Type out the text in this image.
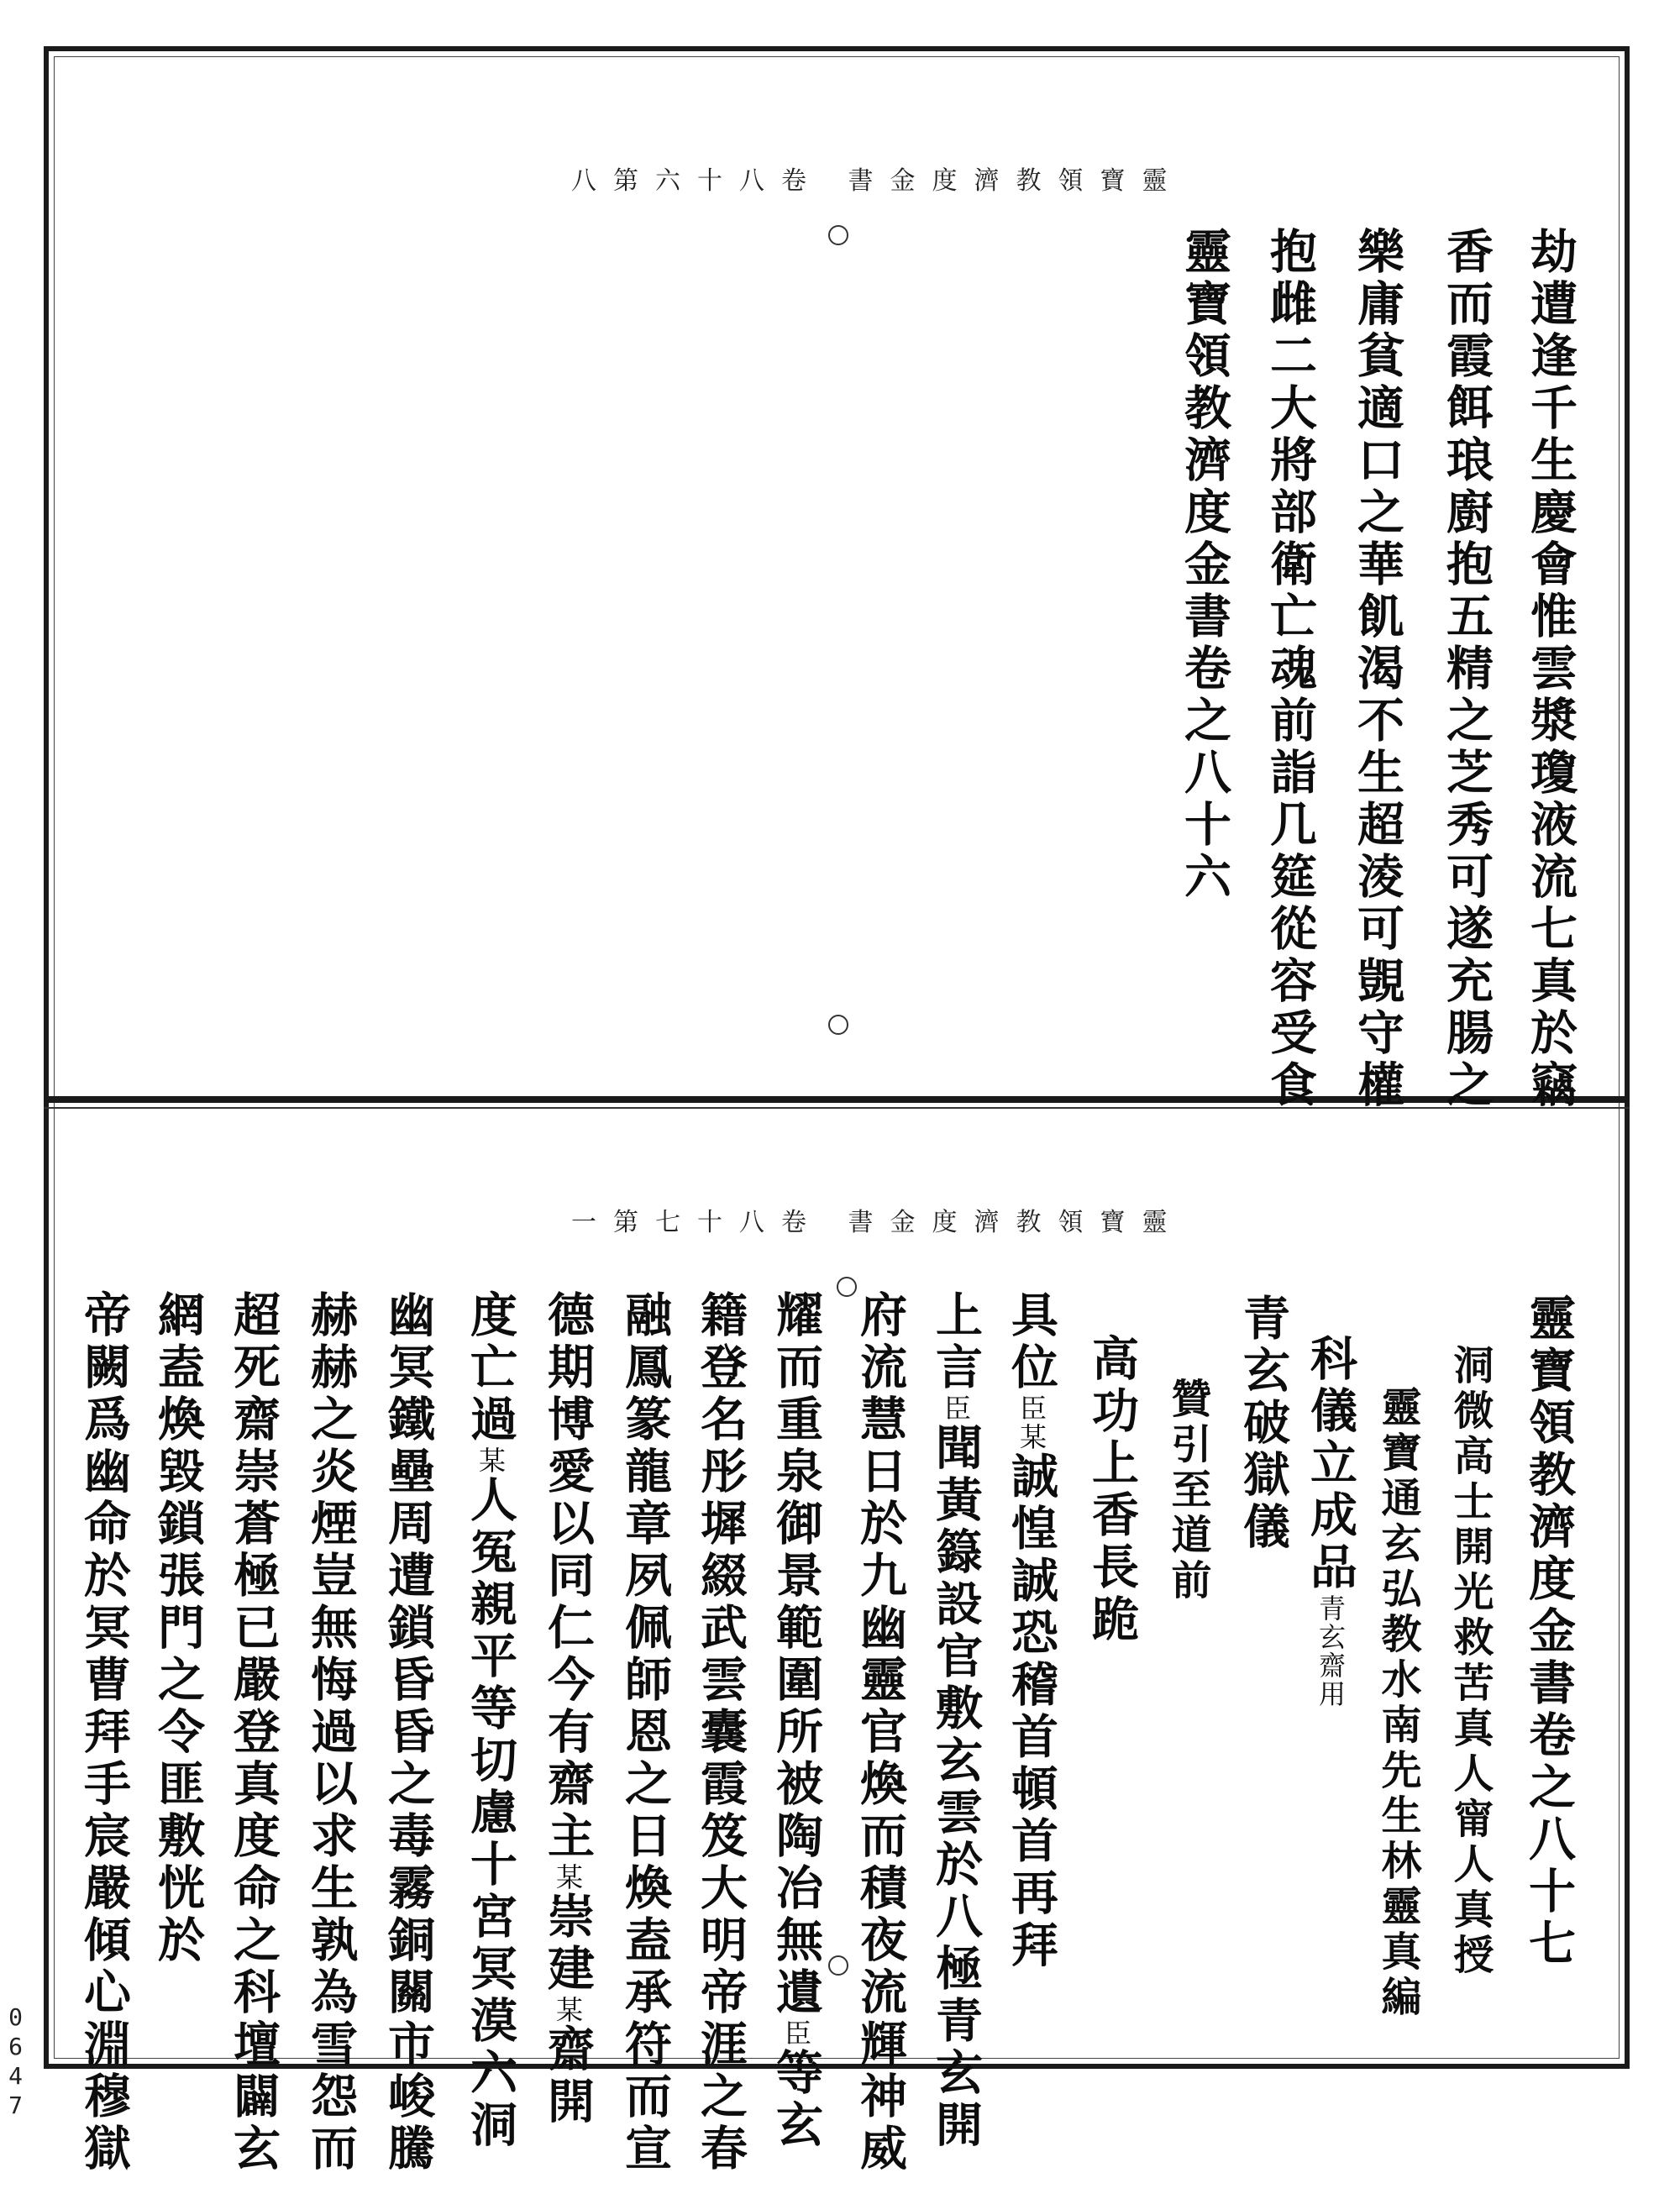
八第六十八卷 書金度濟教領寶靈
劫遭逢千生慶會惟雲漿瓊液流七真於竊
香而霞餌琅廚抱五精之芝秀可遂充腸之
樂庸貧適口之華飢渴不生超淩可覬守權
抱雌二大將部衛亡魂前詣几筵從容受食
靈寶領教濟度金書卷之八十六
一第七十八卷 書金度濟教領寶靈
靈寶領教濟度金書卷之八十七
洞微高士開光救苦真人甯人真授
靈寶通玄弘教水南先生林靈真編
科儀立成品青玄齋用
青玄破獄儀
贊引至道前
高功上香長跪
具位臣某誠惶誠恐稽首頓首再拜
上言臣聞黃籙設官敷玄雲於八極青玄開
府流慧日於九幽靈官煥而積夜流輝神威
耀而重泉御景範圍所被陶冶無遺臣等玄
籍登名彤墀綴武雲囊霞笈大明帝涯之春
融鳳篆龍章夙佩師恩之日煥盍承符而宣
德期博愛以同仁今有齋主某崇建某齋開
度亡過某人冤親平等切慮十宮冥漠六洞
幽冥鐵壘周遭鎖昏昏之毒霧銅關市峻騰
赫赫之炎煙豈無悔過以求生孰為雪怨而
超死齋崇蒼極已嚴登真度命之科壇闢玄
網盍煥毀鎖張門之令匪敷恍於
帝闕爲幽命於冥曹拜手宸嚴傾心淵穆獄
0647
